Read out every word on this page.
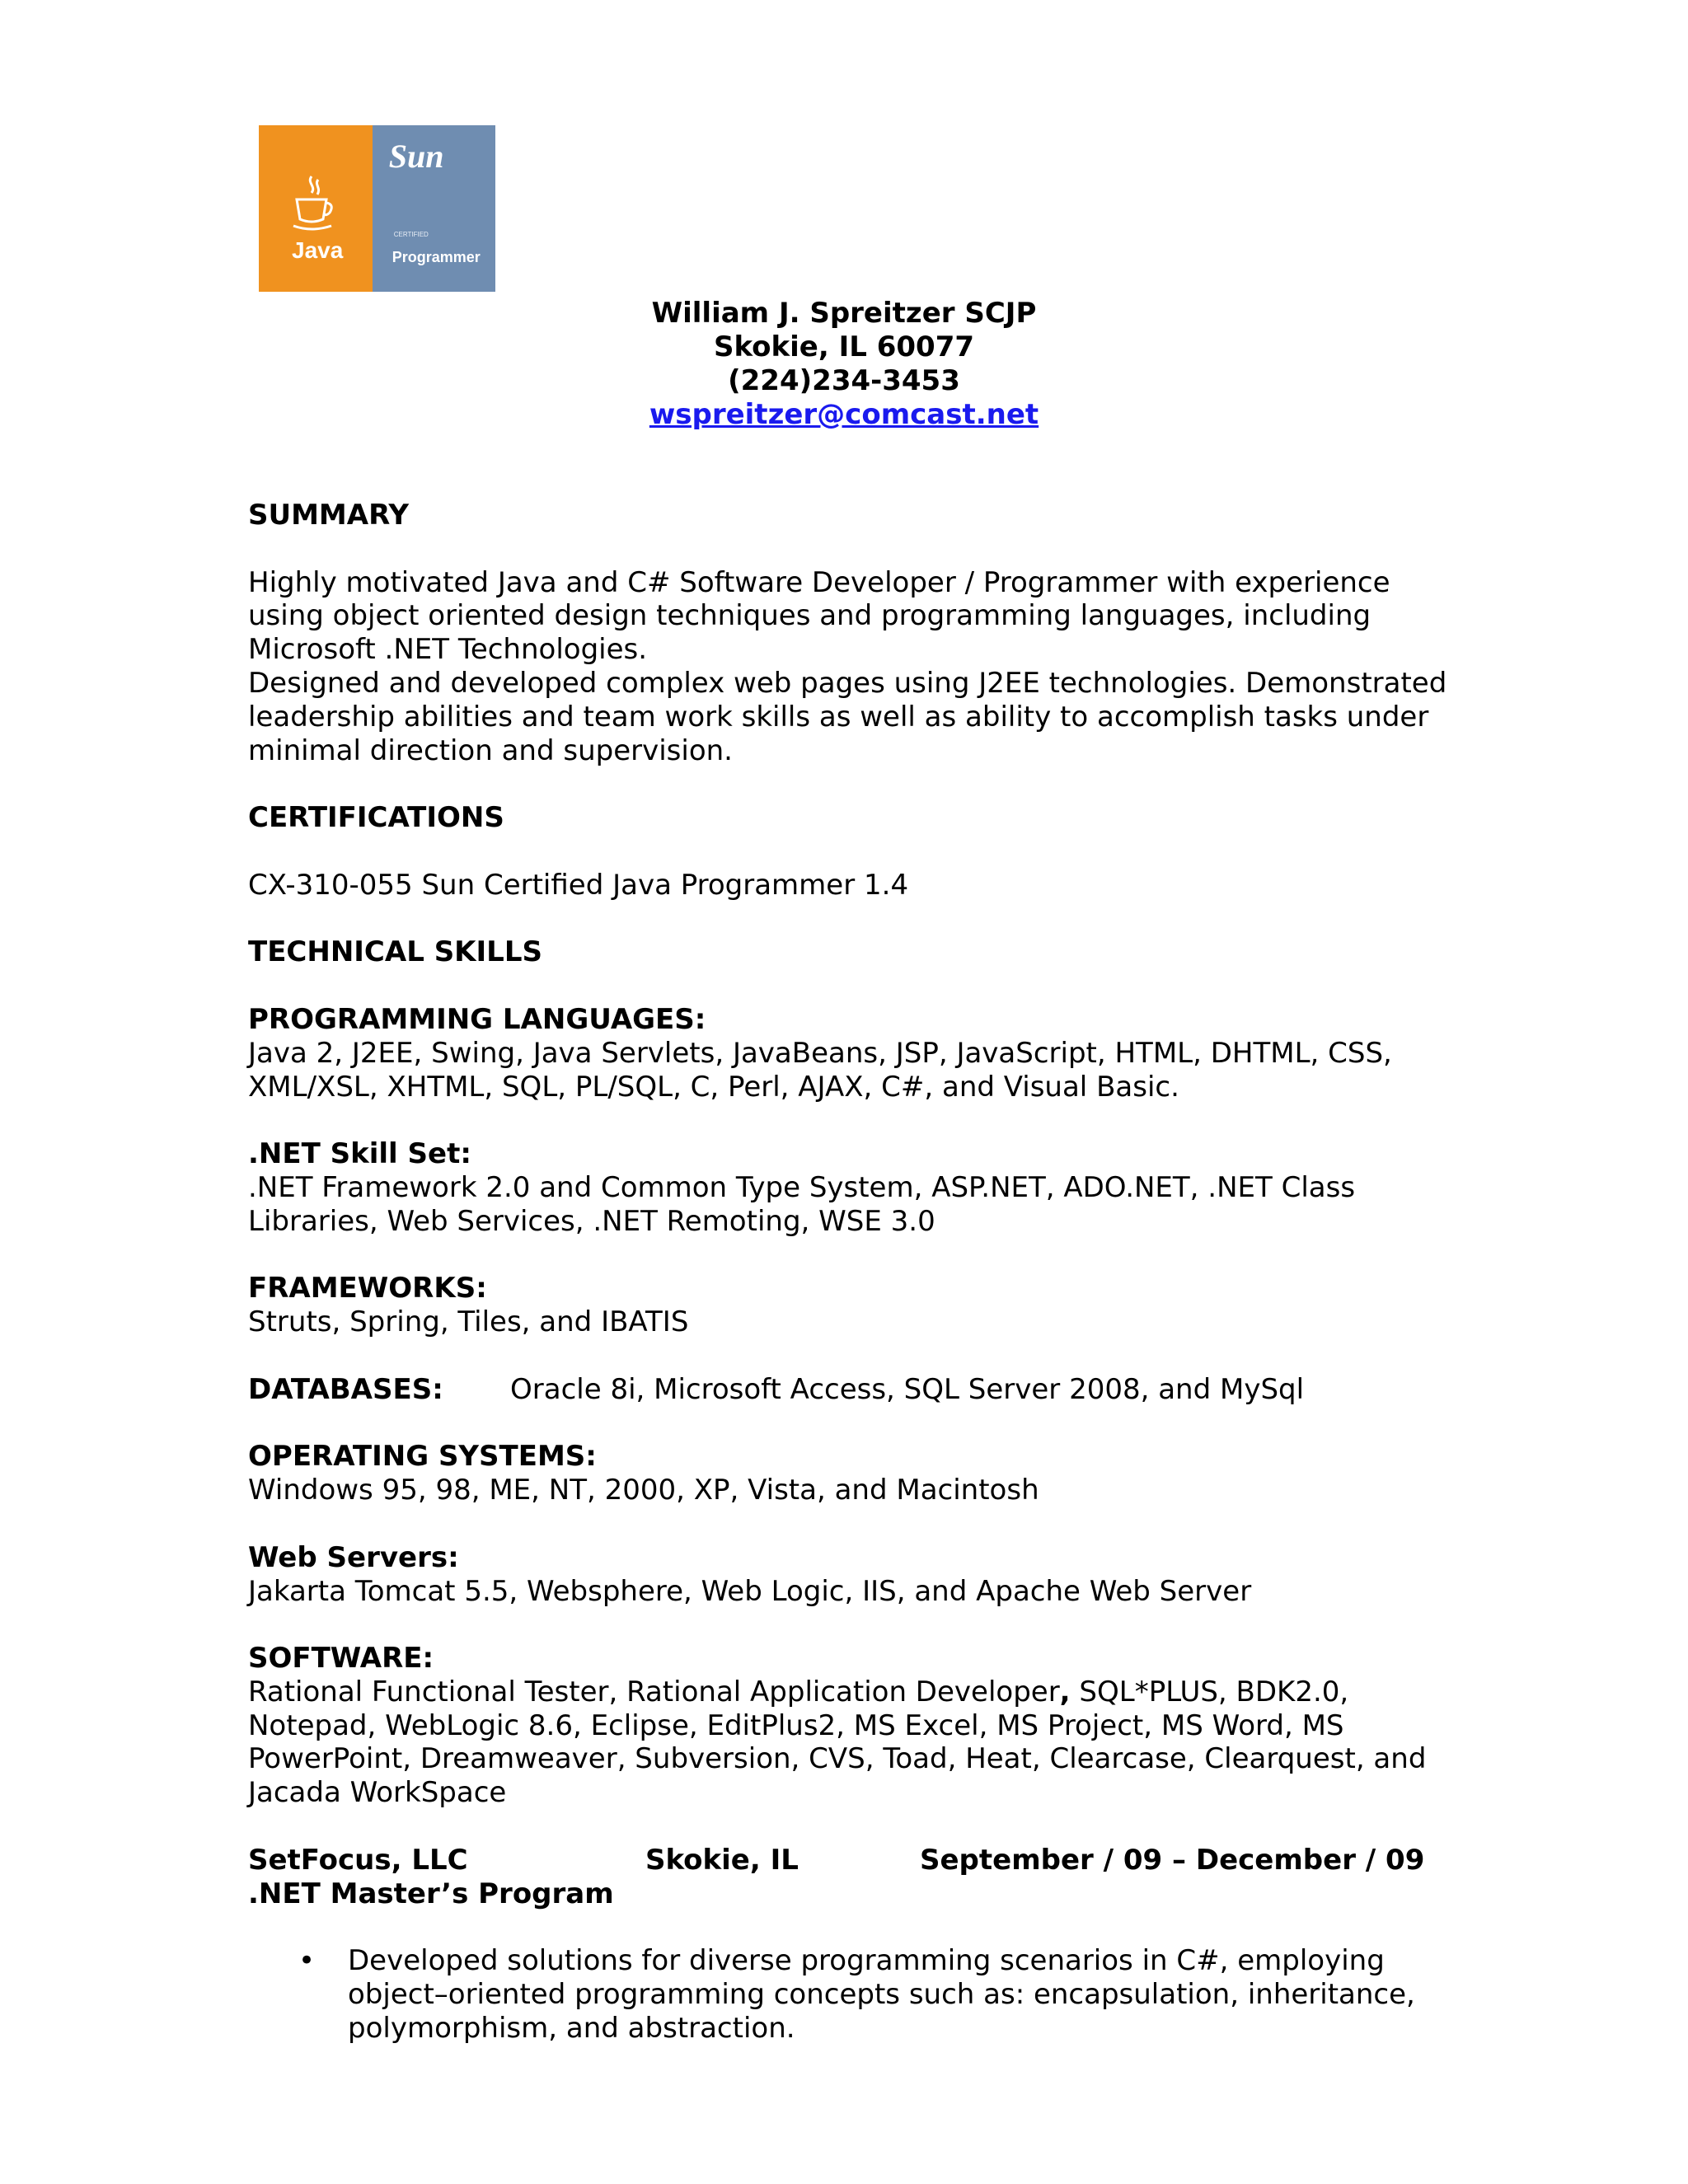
Java
Sun
CERTIFIED
Programmer
William J. Spreitzer SCJP
Skokie, IL 60077
(224)234-3453
wspreitzer@comcast.net
SUMMARY

Highly motivated Java and C# Software Developer / Programmer with experience using object oriented design techniques and programming languages, including Microsoft .NET Technologies.

Designed and developed complex web pages using J2EE technologies. Demonstrated leadership abilities and team work skills as well as ability to accomplish tasks under minimal direction and supervision.

CERTIFICATIONS

CX-310-055 Sun Certified Java Programmer 1.4

TECHNICAL SKILLS
PROGRAMMING LANGUAGES:

Java 2, J2EE, Swing, Java Servlets, JavaBeans, JSP, JavaScript, HTML, DHTML, CSS, XML/XSL, XHTML, SQL, PL/SQL, C, Perl, AJAX, C#, and Visual Basic.

.NET Skill Set:

.NET Framework 2.0 and Common Type System, ASP.NET, ADO.NET, .NET Class Libraries, Web Services, .NET Remoting, WSE 3.0

FRAMEWORKS:

Struts, Spring, Tiles, and IBATIS

DATABASES: Oracle 8i, Microsoft Access, SQL Server 2008, and MySql
OPERATING SYSTEMS:

Windows 95, 98, ME, NT, 2000, XP, Vista, and Macintosh

Web Servers:

Jakarta Tomcat 5.5, Websphere, Web Logic, IIS, and Apache Web Server

SOFTWARE:

Rational Functional Tester, Rational Application Developer, SQL*PLUS, BDK2.0, Notepad, WebLogic 8.6, Eclipse, EditPlus2, MS Excel, MS Project, MS Word, MS PowerPoint, Dreamweaver, Subversion, CVS, Toad, Heat, Clearcase, Clearquest, and Jacada WorkSpace

SetFocus, LLC	Skokie, IL	September / 09 – December / 09
.NET Master’s Program
• Developed solutions for diverse programming scenarios in C#, employing object–oriented programming concepts such as: encapsulation, inheritance, polymorphism, and abstraction.
